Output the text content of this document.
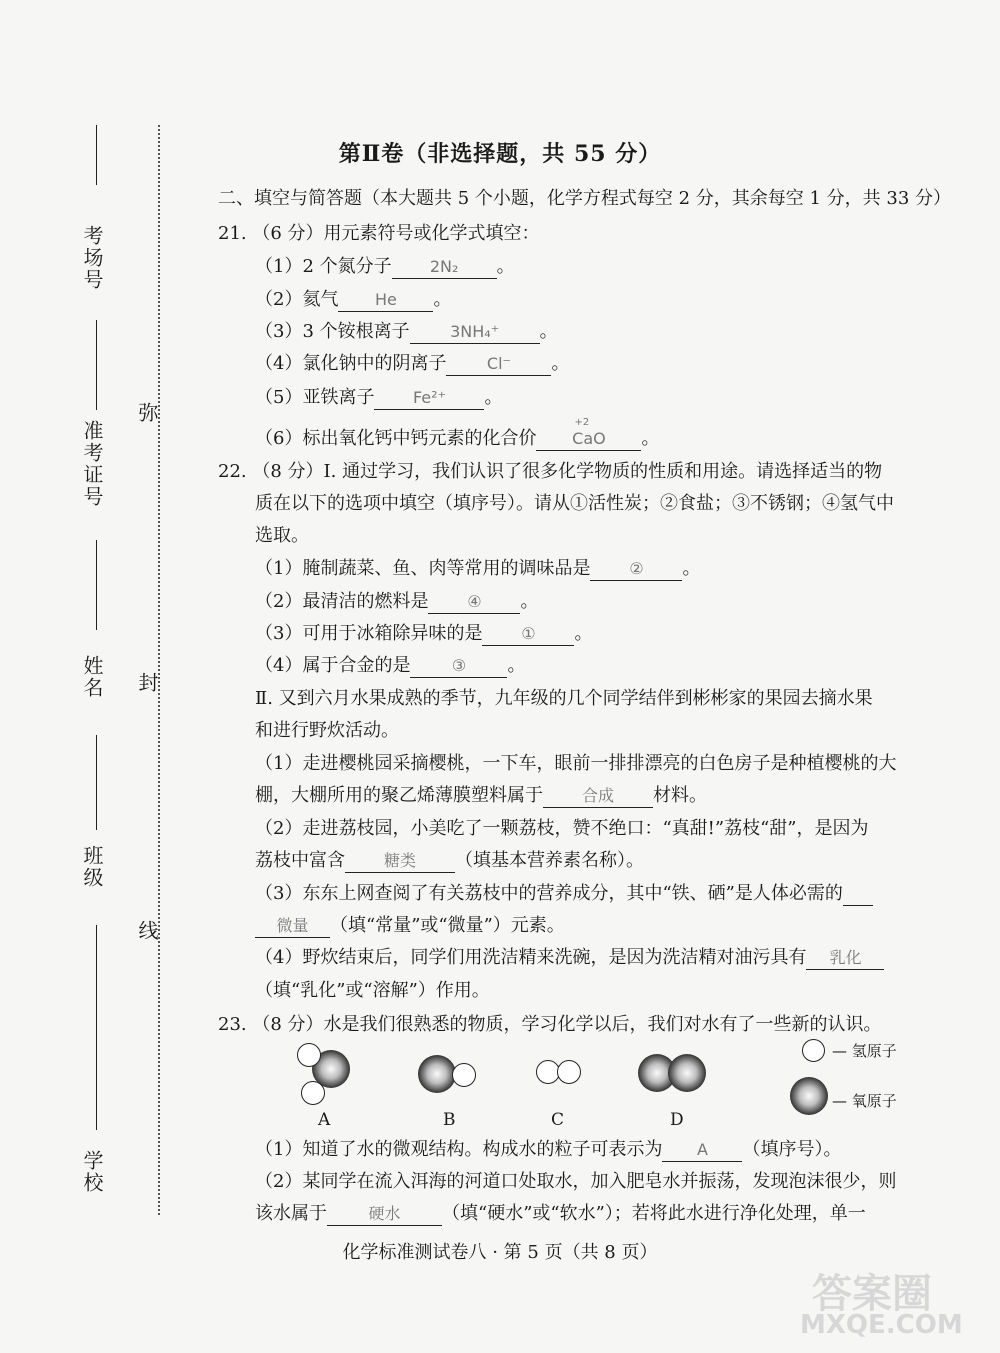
考场号
准考证号
姓名
班级
学校
弥
封
线
第Ⅱ卷（非选择题，共 55 分）
二、填空与简答题（本大题共 5 个小题，化学方程式每空 2 分，其余每空 1 分，共 33 分）
21. （6 分）用元素符号或化学式填空：
（1）2 个氮分子 2N₂ 。
（2）氦气 He 。
（3）3 个铵根离子	3NH₄⁺ 。
（4）氯化钠中的阴离子	Cl⁻ 。
（5）亚铁离子 Fe²⁺ 。
（6）标出氧化钙中钙元素的化合价
+2
CaO 。
22. （8 分）Ⅰ. 通过学习，我们认识了很多化学物质的性质和用途。请选择适当的物
质在以下的选项中填空（填序号）。请从①活性炭；②食盐；③不锈钢；④氢气中
选取。
（1）腌制蔬菜、鱼、肉等常用的调味品是 ② 。
（2）最清洁的燃料是 ④ 。
（3）可用于冰箱除异味的是 ① 。
（4）属于合金的是	③ 。
Ⅱ. 又到六月水果成熟的季节，九年级的几个同学结伴到彬彬家的果园去摘水果
和进行野炊活动。
（1）走进樱桃园采摘樱桃，一下车，眼前一排排漂亮的白色房子是种植樱桃的大
棚，大棚所用的聚乙烯薄膜塑料属于 合成 材料。
（2）走进荔枝园，小美吃了一颗荔枝，赞不绝口：“真甜!”荔枝“甜”，是因为
荔枝中富含 糖类 （填基本营养素名称）。
（3）东东上网查阅了有关荔枝中的营养成分，其中“铁、硒”是人体必需的
微量 （填“常量”或“微量”）元素。
（4）野炊结束后，同学们用洗洁精来洗碗，是因为洗洁精对油污具有 乳化
（填“乳化”或“溶解”）作用。
23. （8 分）水是我们很熟悉的物质，学习化学以后，我们对水有了一些新的认识。
A	B	C	D
— 氢原子
— 氧原子
（1）知道了水的微观结构。构成水的粒子可表示为 A （填序号）。
（2）某同学在流入洱海的河道口处取水，加入肥皂水并振荡，发现泡沫很少，则
该水属于	硬水 （填“硬水”或“软水”）；若将此水进行净化处理，单一
化学标准测试卷八 · 第 5 页（共 8 页）
答案圈
MXQE.COM
